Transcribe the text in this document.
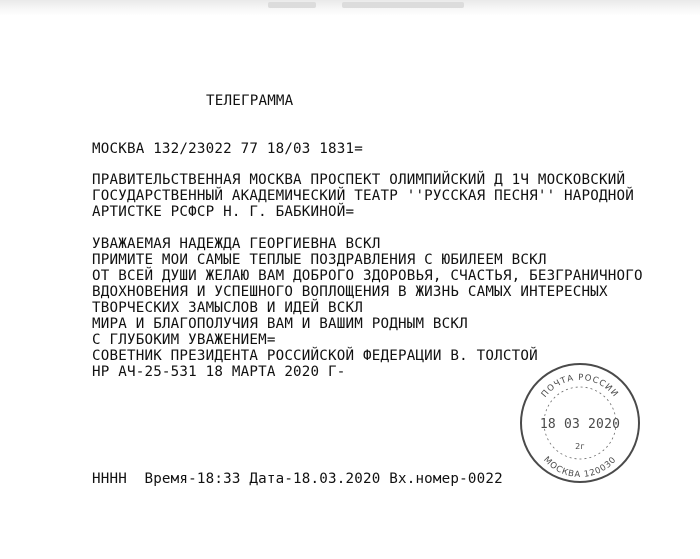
ТЕЛЕГРАММА
МОСКВА 132/23022 77 18/03 1831=
ПРАВИТЕЛЬСТВЕННАЯ МОСКВА ПРОСПЕКТ ОЛИМПИЙСКИЙ Д 1Ч МОСКОВСКИЙ
ГОСУДАРСТВЕННЫЙ АКАДЕМИЧЕСКИЙ ТЕАТР ''РУССКАЯ ПЕСНЯ'' НАРОДНОЙ
АРТИСТКЕ РСФСР Н. Г. БАБКИНОЙ=
УВАЖАЕМАЯ НАДЕЖДА ГЕОРГИЕВНА ВСКЛ
ПРИМИТЕ МОИ САМЫЕ ТЕПЛЫЕ ПОЗДРАВЛЕНИЯ С ЮБИЛЕЕМ ВСКЛ
ОТ ВСЕЙ ДУШИ ЖЕЛАЮ ВАМ ДОБРОГО ЗДОРОВЬЯ, СЧАСТЬЯ, БЕЗГРАНИЧНОГО
ВДОХНОВЕНИЯ И УСПЕШНОГО ВОПЛОЩЕНИЯ В ЖИЗНЬ САМЫХ ИНТЕРЕСНЫХ
ТВОРЧЕСКИХ ЗАМЫСЛОВ И ИДЕЙ ВСКЛ
МИРА И БЛАГОПОЛУЧИЯ ВАМ И ВАШИМ РОДНЫМ ВСКЛ
С ГЛУБОКИМ УВАЖЕНИЕМ=
СОВЕТНИК ПРЕЗИДЕНТА РОССИЙСКОЙ ФЕДЕРАЦИИ В. ТОЛСТОЙ
НР АЧ-25-531 18 МАРТА 2020 Г-
ПОЧТА РОССИИ
18 03 2020
2г
МОСКВА 120030
НННН  Время-18:33 Дата-18.03.2020 Вх.номер-0022
